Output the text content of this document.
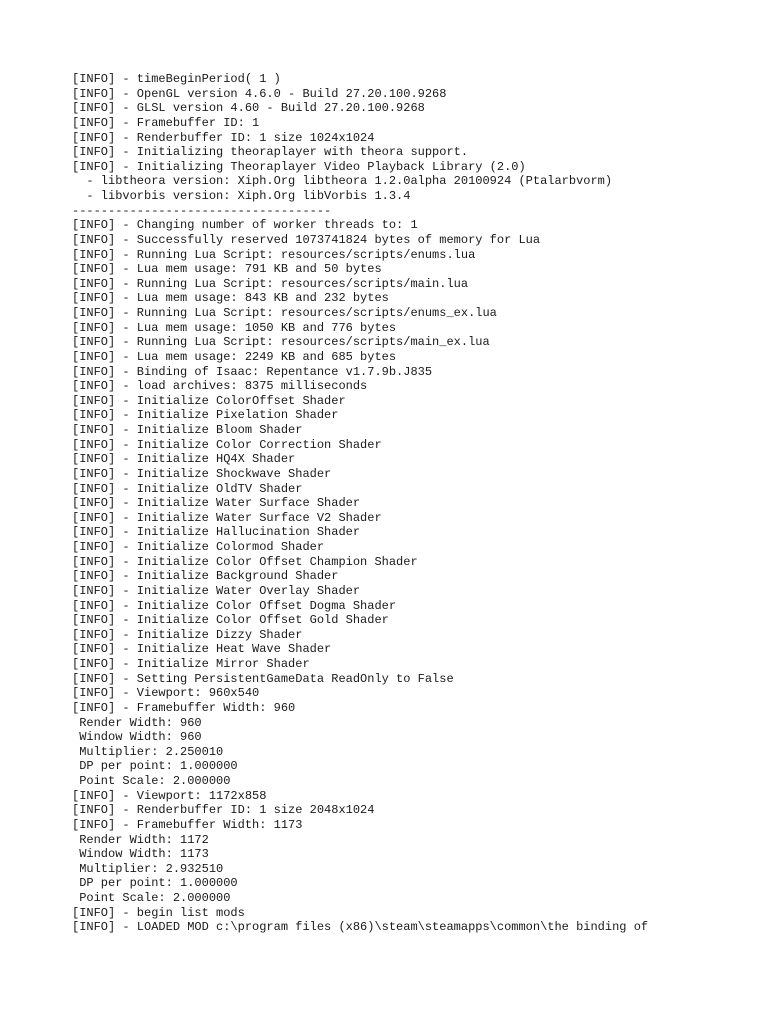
[INFO] - timeBeginPeriod( 1 )
[INFO] - OpenGL version 4.6.0 - Build 27.20.100.9268
[INFO] - GLSL version 4.60 - Build 27.20.100.9268
[INFO] - Framebuffer ID: 1
[INFO] - Renderbuffer ID: 1 size 1024x1024
[INFO] - Initializing theoraplayer with theora support.
[INFO] - Initializing Theoraplayer Video Playback Library (2.0)
- libtheora version: Xiph.Org libtheora 1.2.0alpha 20100924 (Ptalarbvorm)
- libvorbis version: Xiph.Org libVorbis 1.3.4
------------------------------------
[INFO] - Changing number of worker threads to: 1
[INFO] - Successfully reserved 1073741824 bytes of memory for Lua
[INFO] - Running Lua Script: resources/scripts/enums.lua
[INFO] - Lua mem usage: 791 KB and 50 bytes
[INFO] - Running Lua Script: resources/scripts/main.lua
[INFO] - Lua mem usage: 843 KB and 232 bytes
[INFO] - Running Lua Script: resources/scripts/enums_ex.lua
[INFO] - Lua mem usage: 1050 KB and 776 bytes
[INFO] - Running Lua Script: resources/scripts/main_ex.lua
[INFO] - Lua mem usage: 2249 KB and 685 bytes
[INFO] - Binding of Isaac: Repentance v1.7.9b.J835
[INFO] - load archives: 8375 milliseconds
[INFO] - Initialize ColorOffset Shader
[INFO] - Initialize Pixelation Shader
[INFO] - Initialize Bloom Shader
[INFO] - Initialize Color Correction Shader
[INFO] - Initialize HQ4X Shader
[INFO] - Initialize Shockwave Shader
[INFO] - Initialize OldTV Shader
[INFO] - Initialize Water Surface Shader
[INFO] - Initialize Water Surface V2 Shader
[INFO] - Initialize Hallucination Shader
[INFO] - Initialize Colormod Shader
[INFO] - Initialize Color Offset Champion Shader
[INFO] - Initialize Background Shader
[INFO] - Initialize Water Overlay Shader
[INFO] - Initialize Color Offset Dogma Shader
[INFO] - Initialize Color Offset Gold Shader
[INFO] - Initialize Dizzy Shader
[INFO] - Initialize Heat Wave Shader
[INFO] - Initialize Mirror Shader
[INFO] - Setting PersistentGameData ReadOnly to False
[INFO] - Viewport: 960x540
[INFO] - Framebuffer Width: 960
Render Width: 960
Window Width: 960
Multiplier: 2.250010
DP per point: 1.000000
Point Scale: 2.000000
[INFO] - Viewport: 1172x858
[INFO] - Renderbuffer ID: 1 size 2048x1024
[INFO] - Framebuffer Width: 1173
Render Width: 1172
Window Width: 1173
Multiplier: 2.932510
DP per point: 1.000000
Point Scale: 2.000000
[INFO] - begin list mods
[INFO] - LOADED MOD c:\program files (x86)\steam\steamapps\common\the binding of
